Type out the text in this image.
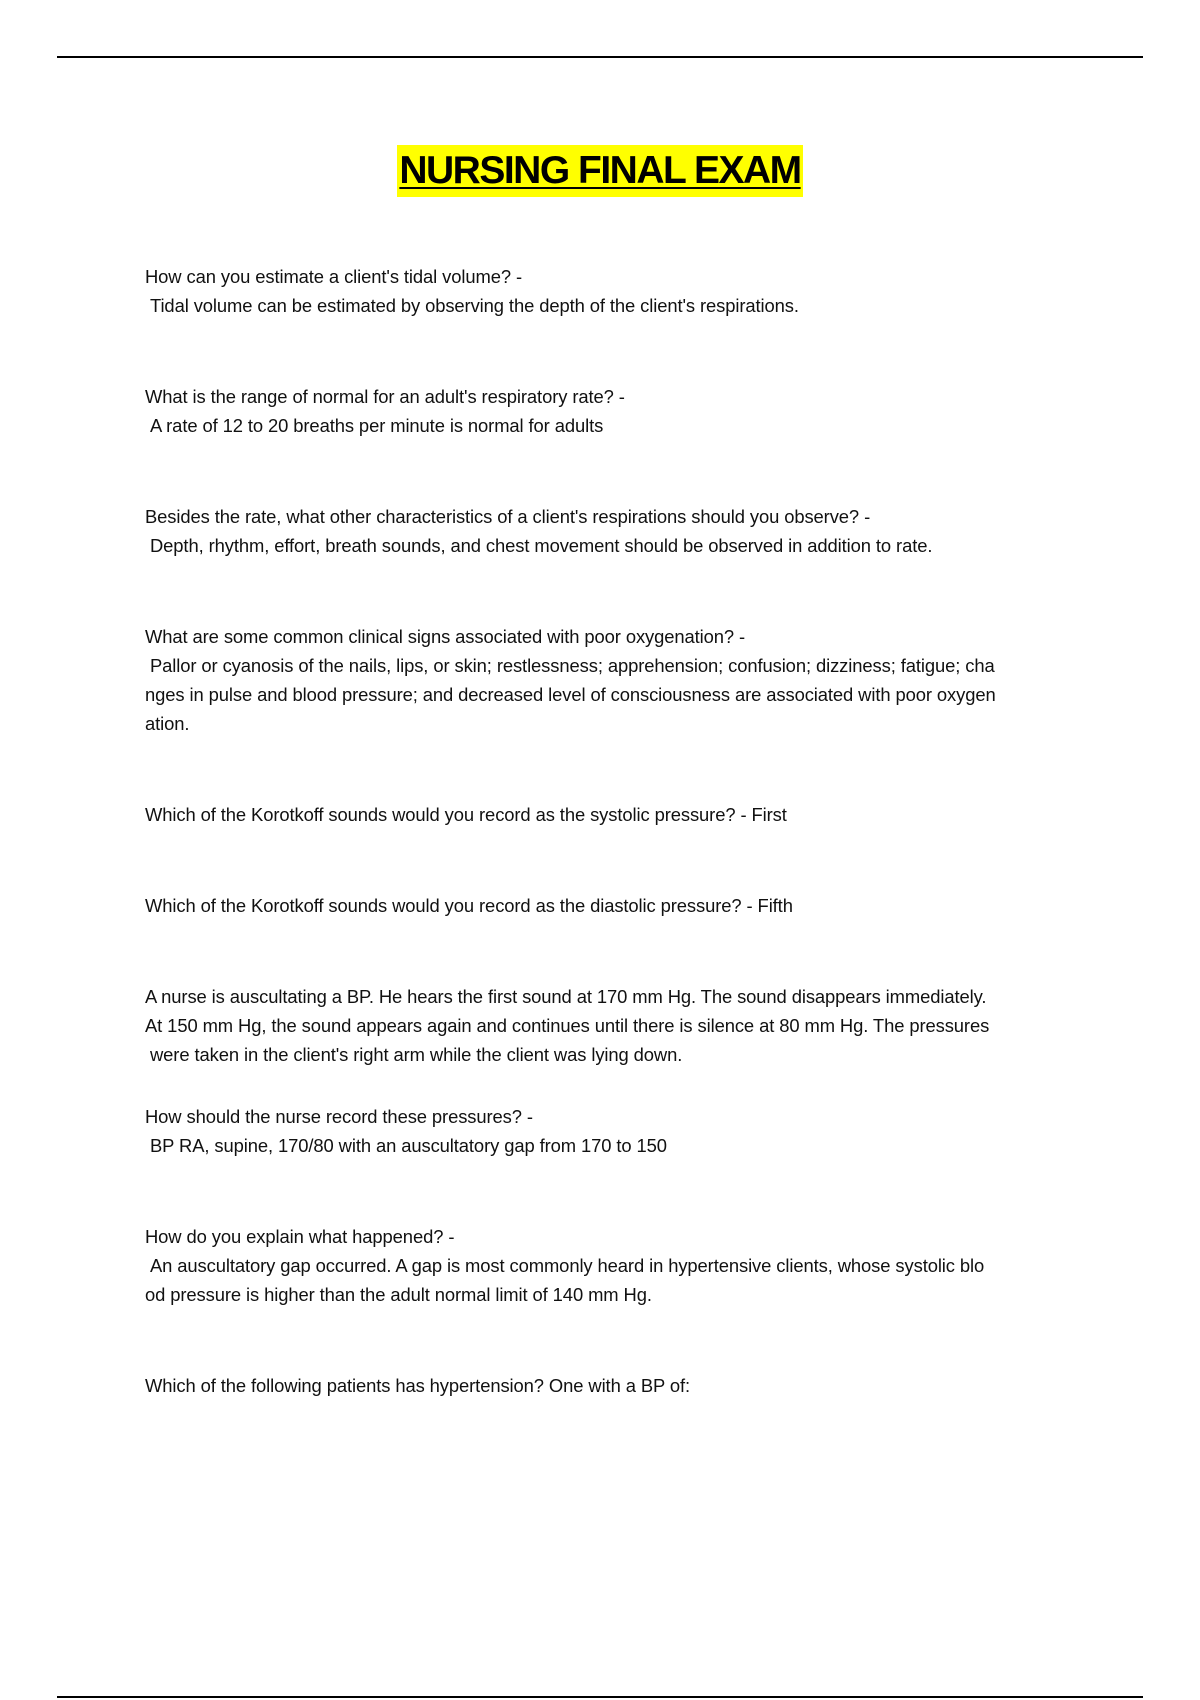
NURSING FINAL EXAM
How can you estimate a client's tidal volume? -
Tidal volume can be estimated by observing the depth of the client's respirations.
What is the range of normal for an adult's respiratory rate? -
A rate of 12 to 20 breaths per minute is normal for adults
Besides the rate, what other characteristics of a client's respirations should you observe? -
Depth, rhythm, effort, breath sounds, and chest movement should be observed in addition to rate.
What are some common clinical signs associated with poor oxygenation? -
Pallor or cyanosis of the nails, lips, or skin; restlessness; apprehension; confusion; dizziness; fatigue; cha
nges in pulse and blood pressure; and decreased level of consciousness are associated with poor oxygen
ation.
Which of the Korotkoff sounds would you record as the systolic pressure? - First
Which of the Korotkoff sounds would you record as the diastolic pressure? - Fifth
A nurse is auscultating a BP. He hears the first sound at 170 mm Hg. The sound disappears immediately.
At 150 mm Hg, the sound appears again and continues until there is silence at 80 mm Hg. The pressures
were taken in the client's right arm while the client was lying down.
How should the nurse record these pressures? -
BP RA, supine, 170/80 with an auscultatory gap from 170 to 150
How do you explain what happened? -
An auscultatory gap occurred. A gap is most commonly heard in hypertensive clients, whose systolic blo
od pressure is higher than the adult normal limit of 140 mm Hg.
Which of the following patients has hypertension? One with a BP of:
